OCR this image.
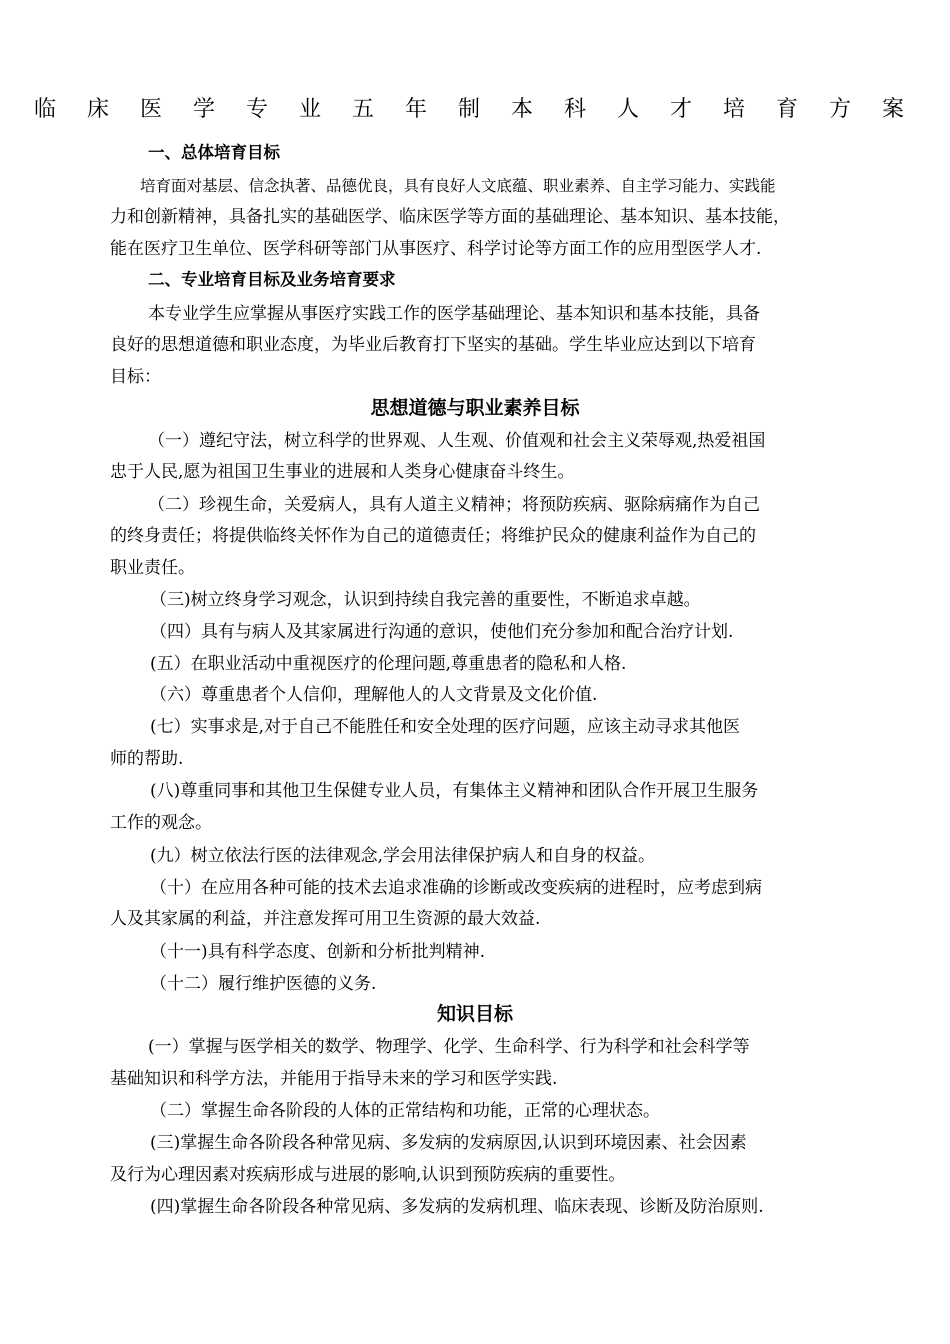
临 床 医 学 专 业 五 年 制 本 科 人 才 培 育 方 案
一、总体培育目标
培育面对基层、信念执著、品德优良，具有良好人文底蕴、职业素养、自主学习能力、实践能
力和创新精神，具备扎实的基础医学、临床医学等方面的基础理论、基本知识、基本技能，
能在医疗卫生单位、医学科研等部门从事医疗、科学讨论等方面工作的应用型医学人才.
二、专业培育目标及业务培育要求
本专业学生应掌握从事医疗实践工作的医学基础理论、基本知识和基本技能，具备
良好的思想道德和职业态度，为毕业后教育打下坚实的基础。学生毕业应达到以下培育
目标：
思想道德与职业素养目标
（一）遵纪守法，树立科学的世界观、人生观、价值观和社会主义荣辱观,热爱祖国
忠于人民,愿为祖国卫生事业的进展和人类身心健康奋斗终生。
（二）珍视生命，关爱病人，具有人道主义精神；将预防疾病、驱除病痛作为自己
的终身责任；将提供临终关怀作为自己的道德责任；将维护民众的健康利益作为自己的
职业责任。
（三)树立终身学习观念，认识到持续自我完善的重要性，不断追求卓越。
（四）具有与病人及其家属进行沟通的意识，使他们充分参加和配合治疗计划.
(五）在职业活动中重视医疗的伦理问题,尊重患者的隐私和人格.
（六）尊重患者个人信仰，理解他人的人文背景及文化价值.
(七）实事求是,对于自己不能胜任和安全处理的医疗问题，应该主动寻求其他医
师的帮助.
(八)尊重同事和其他卫生保健专业人员，有集体主义精神和团队合作开展卫生服务
工作的观念。
(九）树立依法行医的法律观念,学会用法律保护病人和自身的权益。
（十）在应用各种可能的技术去追求准确的诊断或改变疾病的进程时，应考虑到病
人及其家属的利益，并注意发挥可用卫生资源的最大效益.
（十一)具有科学态度、创新和分析批判精神.
（十二）履行维护医德的义务.
知识目标
(一）掌握与医学相关的数学、物理学、化学、生命科学、行为科学和社会科学等
基础知识和科学方法，并能用于指导未来的学习和医学实践.
（二）掌握生命各阶段的人体的正常结构和功能，正常的心理状态。
(三)掌握生命各阶段各种常见病、多发病的发病原因,认识到环境因素、社会因素
及行为心理因素对疾病形成与进展的影响,认识到预防疾病的重要性。
(四)掌握生命各阶段各种常见病、多发病的发病机理、临床表现、诊断及防治原则.
